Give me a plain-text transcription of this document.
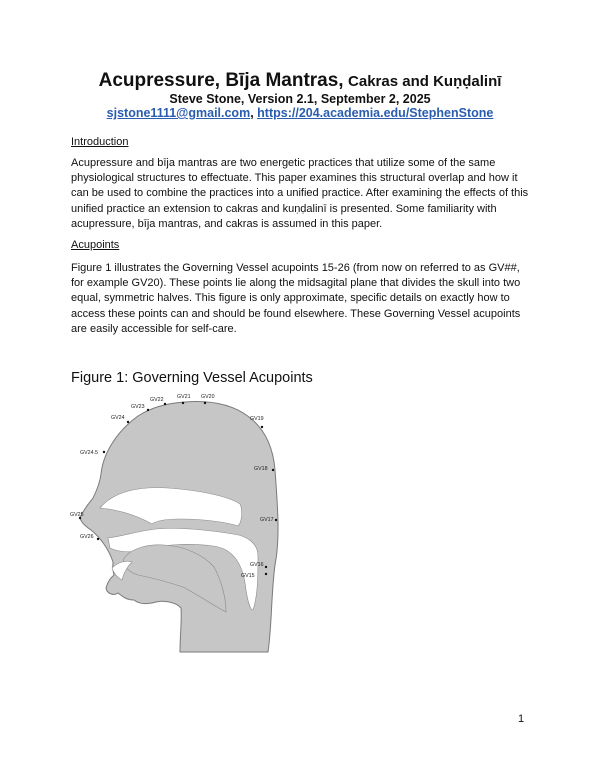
Acupressure, Bīja Mantras, Cakras and Kuṇḍalinī
Steve Stone, Version 2.1, September 2, 2025
sjstone1111@gmail.com, https://204.academia.edu/StephenStone
Introduction
Acupressure and bīja mantras are two energetic practices that utilize some of the same physiological structures to effectuate. This paper examines this structural overlap and how it can be used to combine the practices into a unified practice. After examining the effects of this unified practice an extension to cakras and kuṇḍalinī is presented. Some familiarity with acupressure, bīja mantras, and cakras is assumed in this paper.
Acupoints
Figure 1 illustrates the Governing Vessel acupoints 15-26 (from now on referred to as GV##, for example GV20). These points lie along the midsagital plane that divides the skull into two equal, symmetric halves. This figure is only approximate, specific details on exactly how to access these points can and should be found elsewhere. These Governing Vessel acupoints are easily accessible for self-care.
Figure 1: Governing Vessel Acupoints
GV22	GV21 GV20
GV23
GV24	GV19
GV24.5
GV18
GV25
GV17
GV26
GV16
GV15
1
